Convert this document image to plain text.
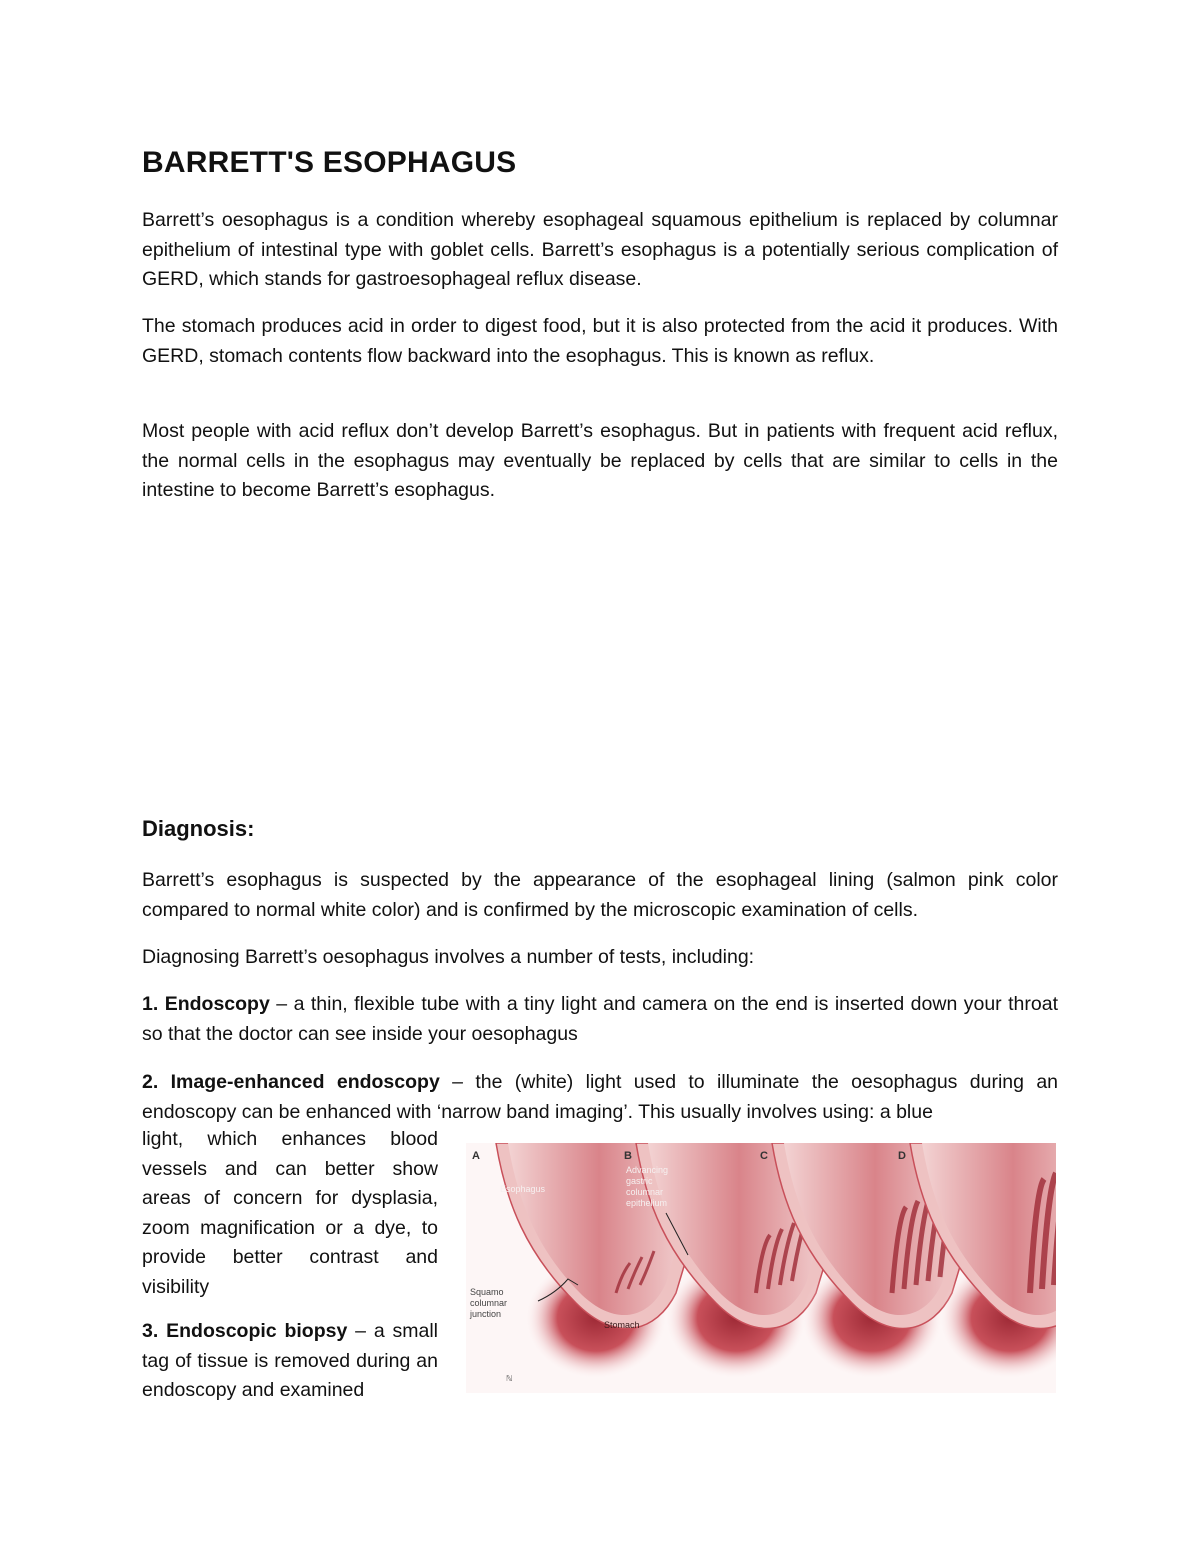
BARRETT'S ESOPHAGUS

Barrett’s oesophagus is a condition whereby esophageal squamous epithelium is replaced by columnar epithelium of intestinal type with goblet cells. Barrett’s esophagus is a potentially serious complication of GERD, which stands for gastroesophageal reflux disease.

The stomach produces acid in order to digest food, but it is also protected from the acid it produces. With GERD, stomach contents flow backward into the esophagus. This is known as reflux.

Most people with acid reflux don’t develop Barrett’s esophagus. But in patients with frequent acid reflux, the normal cells in the esophagus may eventually be replaced by cells that are similar to cells in the intestine to become Barrett’s esophagus.

Diagnosis:

Barrett’s esophagus is suspected by the appearance of the esophageal lining (salmon pink color compared to normal white color) and is confirmed by the microscopic examination of cells.

Diagnosing Barrett’s oesophagus involves a number of tests, including:

1. Endoscopy – a thin, flexible tube with a tiny light and camera on the end is inserted down your throat so that the doctor can see inside your oesophagus

2. Image-enhanced endoscopy – the (white) light used to illuminate the oesophagus during an endoscopy can be enhanced with ‘narrow band imaging’. This usually involves using: a blue

light, which enhances blood vessels and can better show areas of concern for dysplasia, zoom magnification or a dye, to provide better contrast and visibility

3. Endoscopic biopsy – a small tag of tissue is removed during an endoscopy and examined

A	B	C	D
Esophagus
Advancing
gastric
columnar
epithelium
Stomach
Squamo
columnar
junction
ℕ
